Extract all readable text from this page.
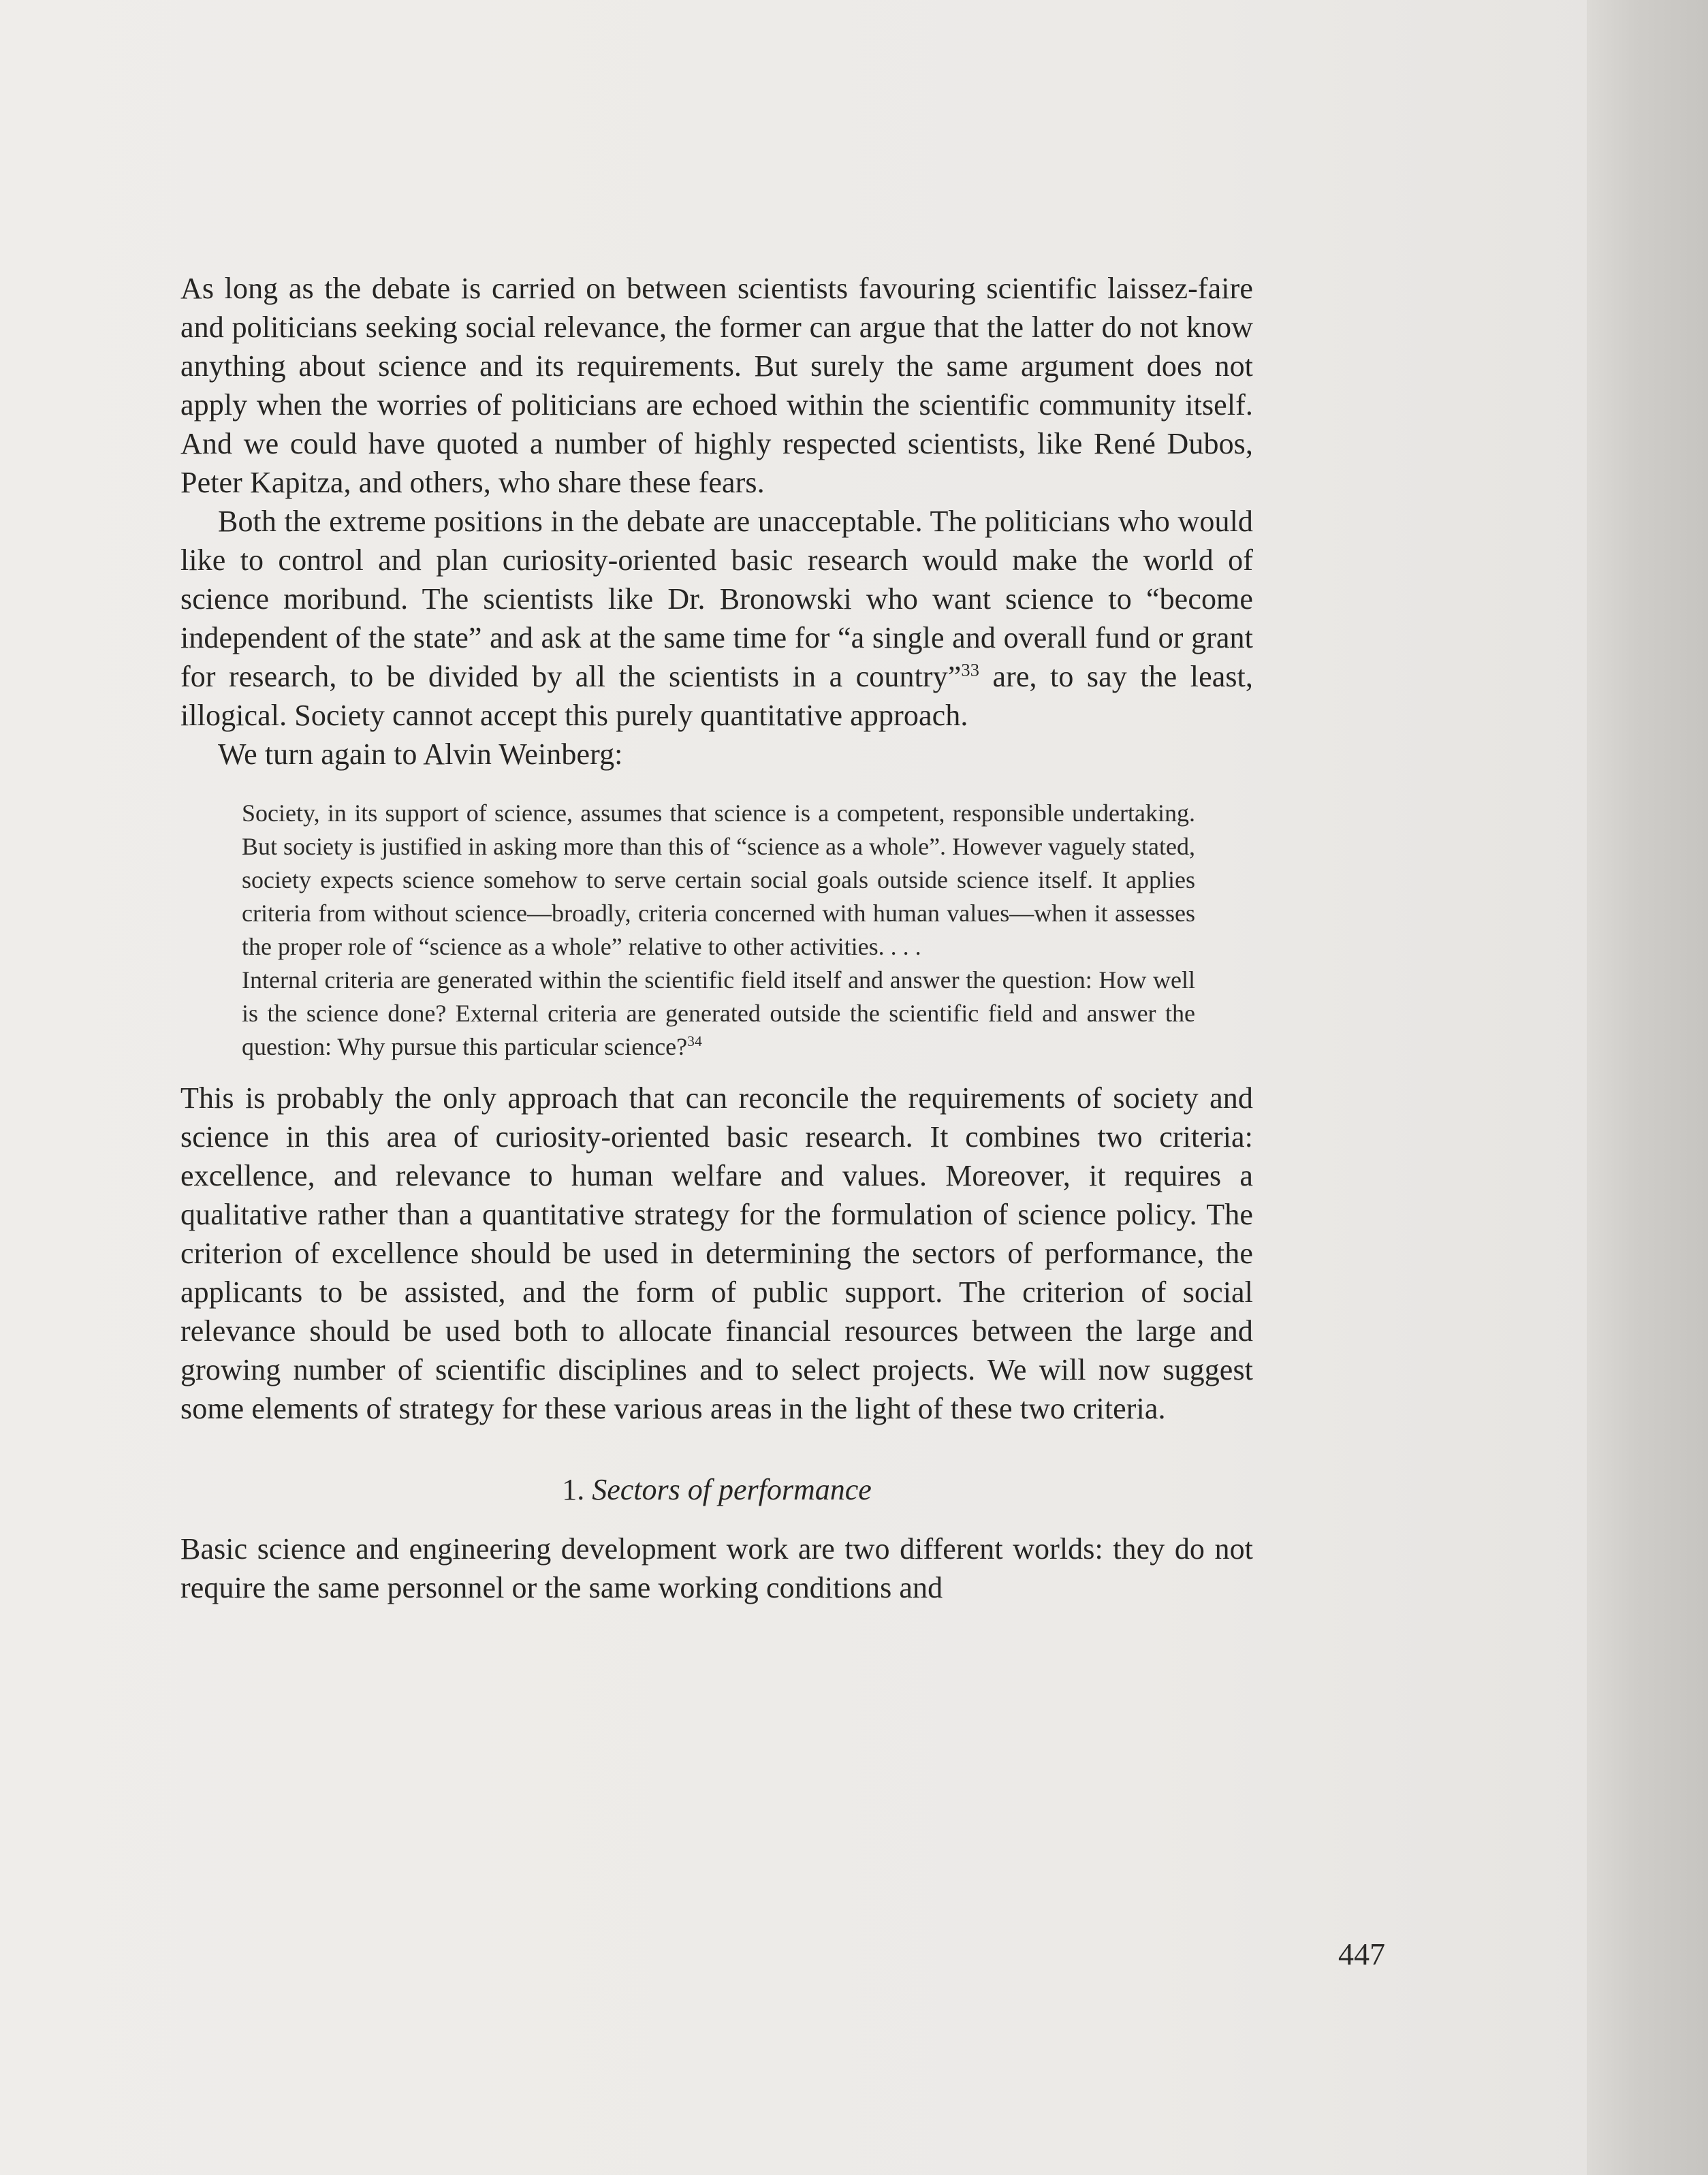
As long as the debate is carried on between scientists favouring scientific laissez-faire and politicians seeking social relevance, the former can argue that the latter do not know anything about science and its requirements. But surely the same argument does not apply when the worries of politicians are echoed within the scientific community itself. And we could have quoted a number of highly respected scientists, like René Dubos, Peter Kapitza, and others, who share these fears.

Both the extreme positions in the debate are unacceptable. The politicians who would like to control and plan curiosity-oriented basic research would make the world of science moribund. The scientists like Dr. Bronowski who want science to “become independent of the state” and ask at the same time for “a single and overall fund or grant for research, to be divided by all the scientists in a country”$^{33}$ are, to say the least, illogical. Society cannot accept this purely quantitative approach.

We turn again to Alvin Weinberg:

Society, in its support of science, assumes that science is a competent, responsible undertaking. But society is justified in asking more than this of “science as a whole”. However vaguely stated, society expects science somehow to serve certain social goals outside science itself. It applies criteria from without science—broadly, criteria concerned with human values—when it assesses the proper role of “science as a whole” relative to other activities. . . .

Internal criteria are generated within the scientific field itself and answer the question: How well is the science done? External criteria are generated outside the scientific field and answer the question: Why pursue this particular science?$^{34}$

This is probably the only approach that can reconcile the requirements of society and science in this area of curiosity-oriented basic research. It combines two criteria: excellence, and relevance to human welfare and values. Moreover, it requires a qualitative rather than a quantitative strategy for the formulation of science policy. The criterion of excellence should be used in determining the sectors of performance, the applicants to be assisted, and the form of public support. The criterion of social relevance should be used both to allocate financial resources between the large and growing number of scientific disciplines and to select projects. We will now suggest some elements of strategy for these various areas in the light of these two criteria.

1. Sectors of performance

Basic science and engineering development work are two different worlds: they do not require the same personnel or the same working conditions and

447
